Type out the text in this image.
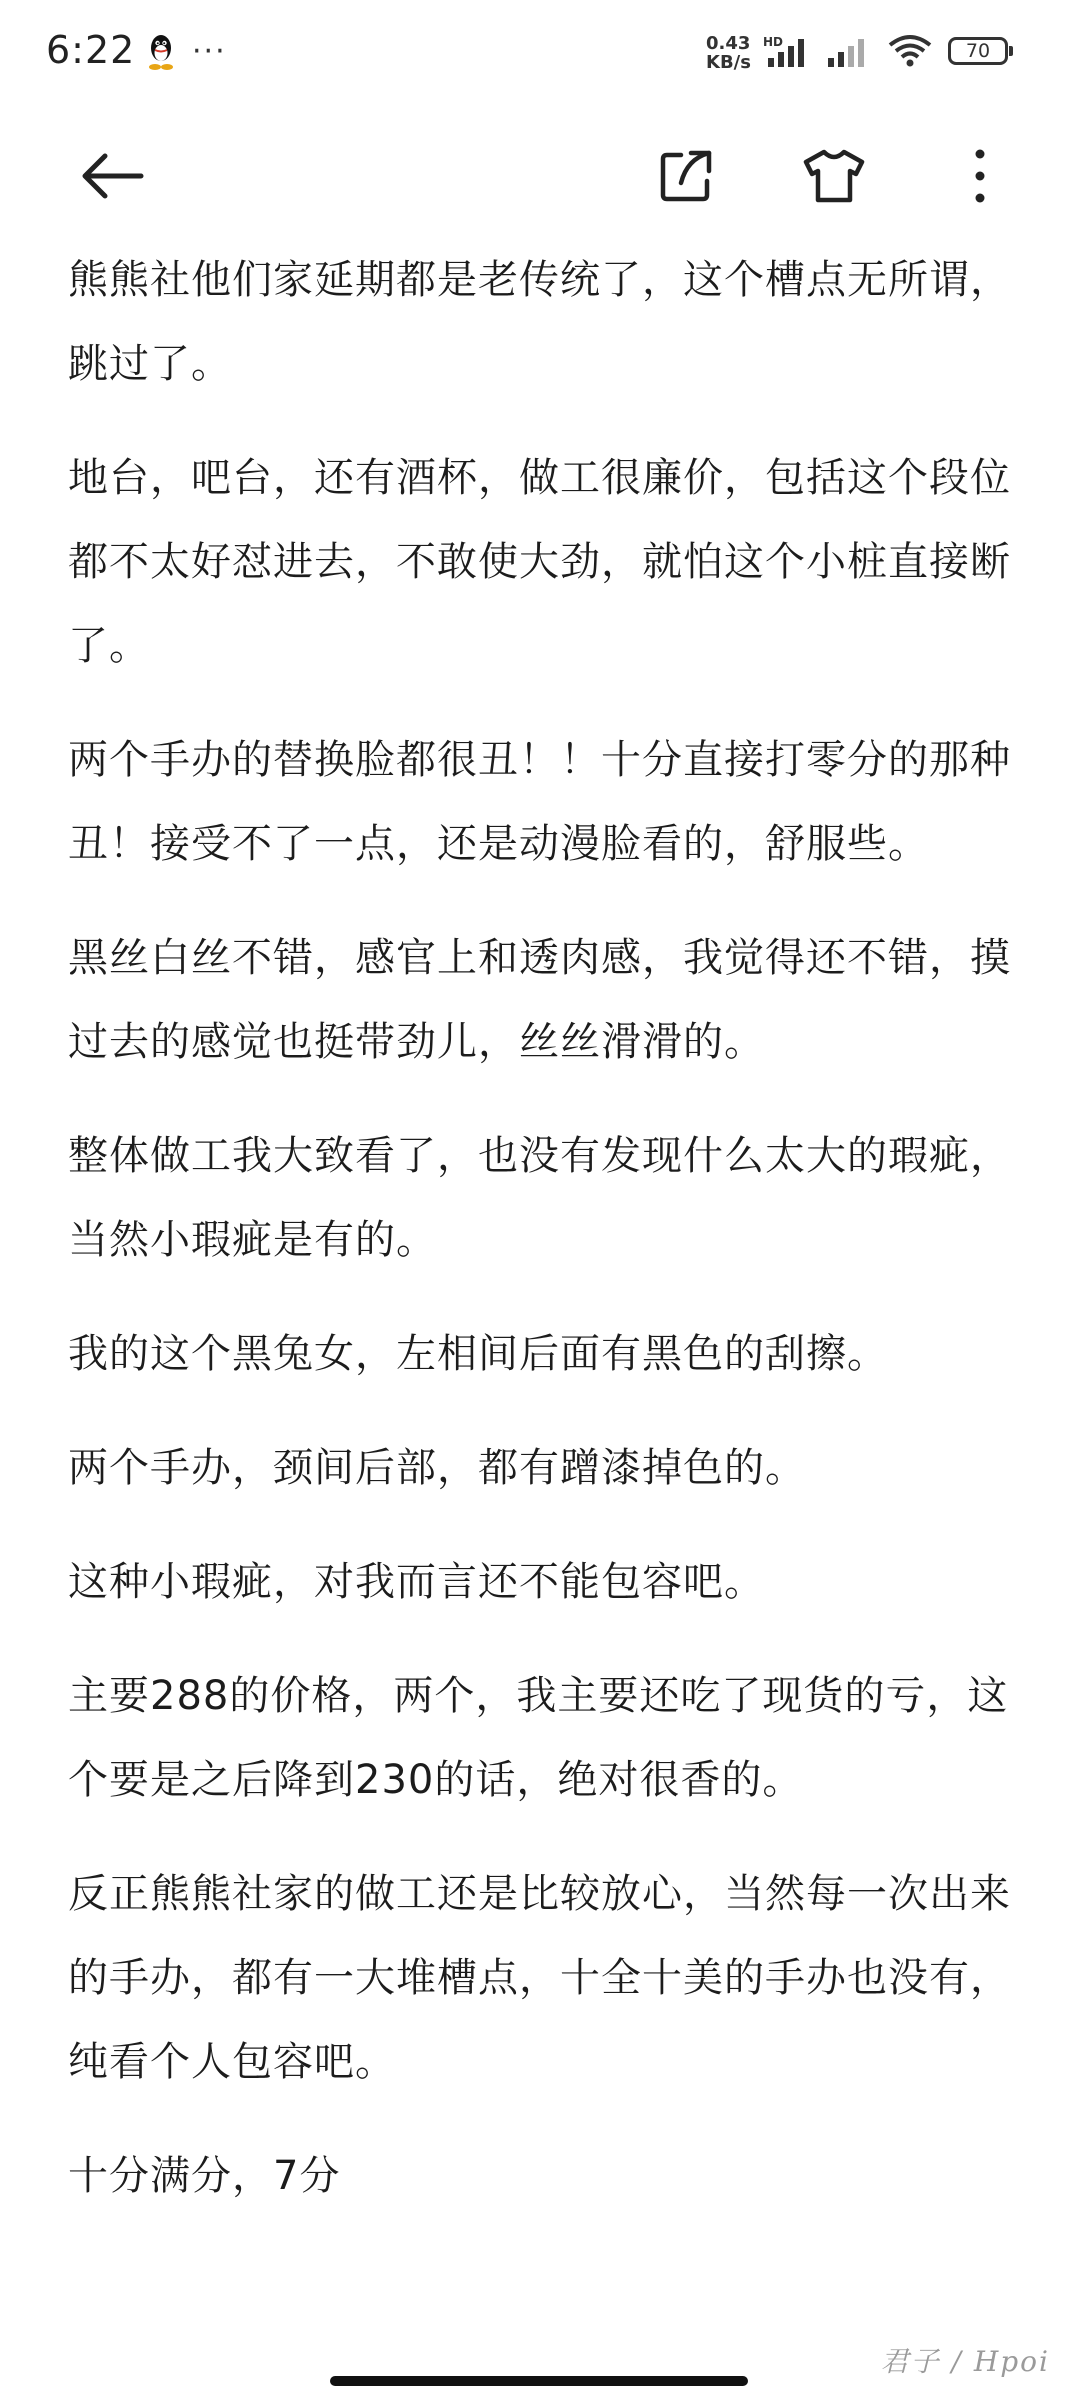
6:22 ···	0.43
KB/s
HD	70

熊熊社他们家延期都是老传统了，这个槽点无所谓，跳过了。

地台，吧台，还有酒杯，做工很廉价，包括这个段位都不太好怼进去，不敢使大劲，就怕这个小桩直接断了。

两个手办的替换脸都很丑！！十分直接打零分的那种丑！接受不了一点，还是动漫脸看的，舒服些。

黑丝白丝不错，感官上和透肉感，我觉得还不错，摸过去的感觉也挺带劲儿，丝丝滑滑的。

整体做工我大致看了，也没有发现什么太大的瑕疵，当然小瑕疵是有的。

我的这个黑兔女，左相间后面有黑色的刮擦。

两个手办，颈间后部，都有蹭漆掉色的。

这种小瑕疵，对我而言还不能包容吧。

主要288的价格，两个，我主要还吃了现货的亏，这个要是之后降到230的话，绝对很香的。

反正熊熊社家的做工还是比较放心，当然每一次出来的手办，都有一大堆槽点，十全十美的手办也没有，纯看个人包容吧。

十分满分，7分

君子 / Hpoi
